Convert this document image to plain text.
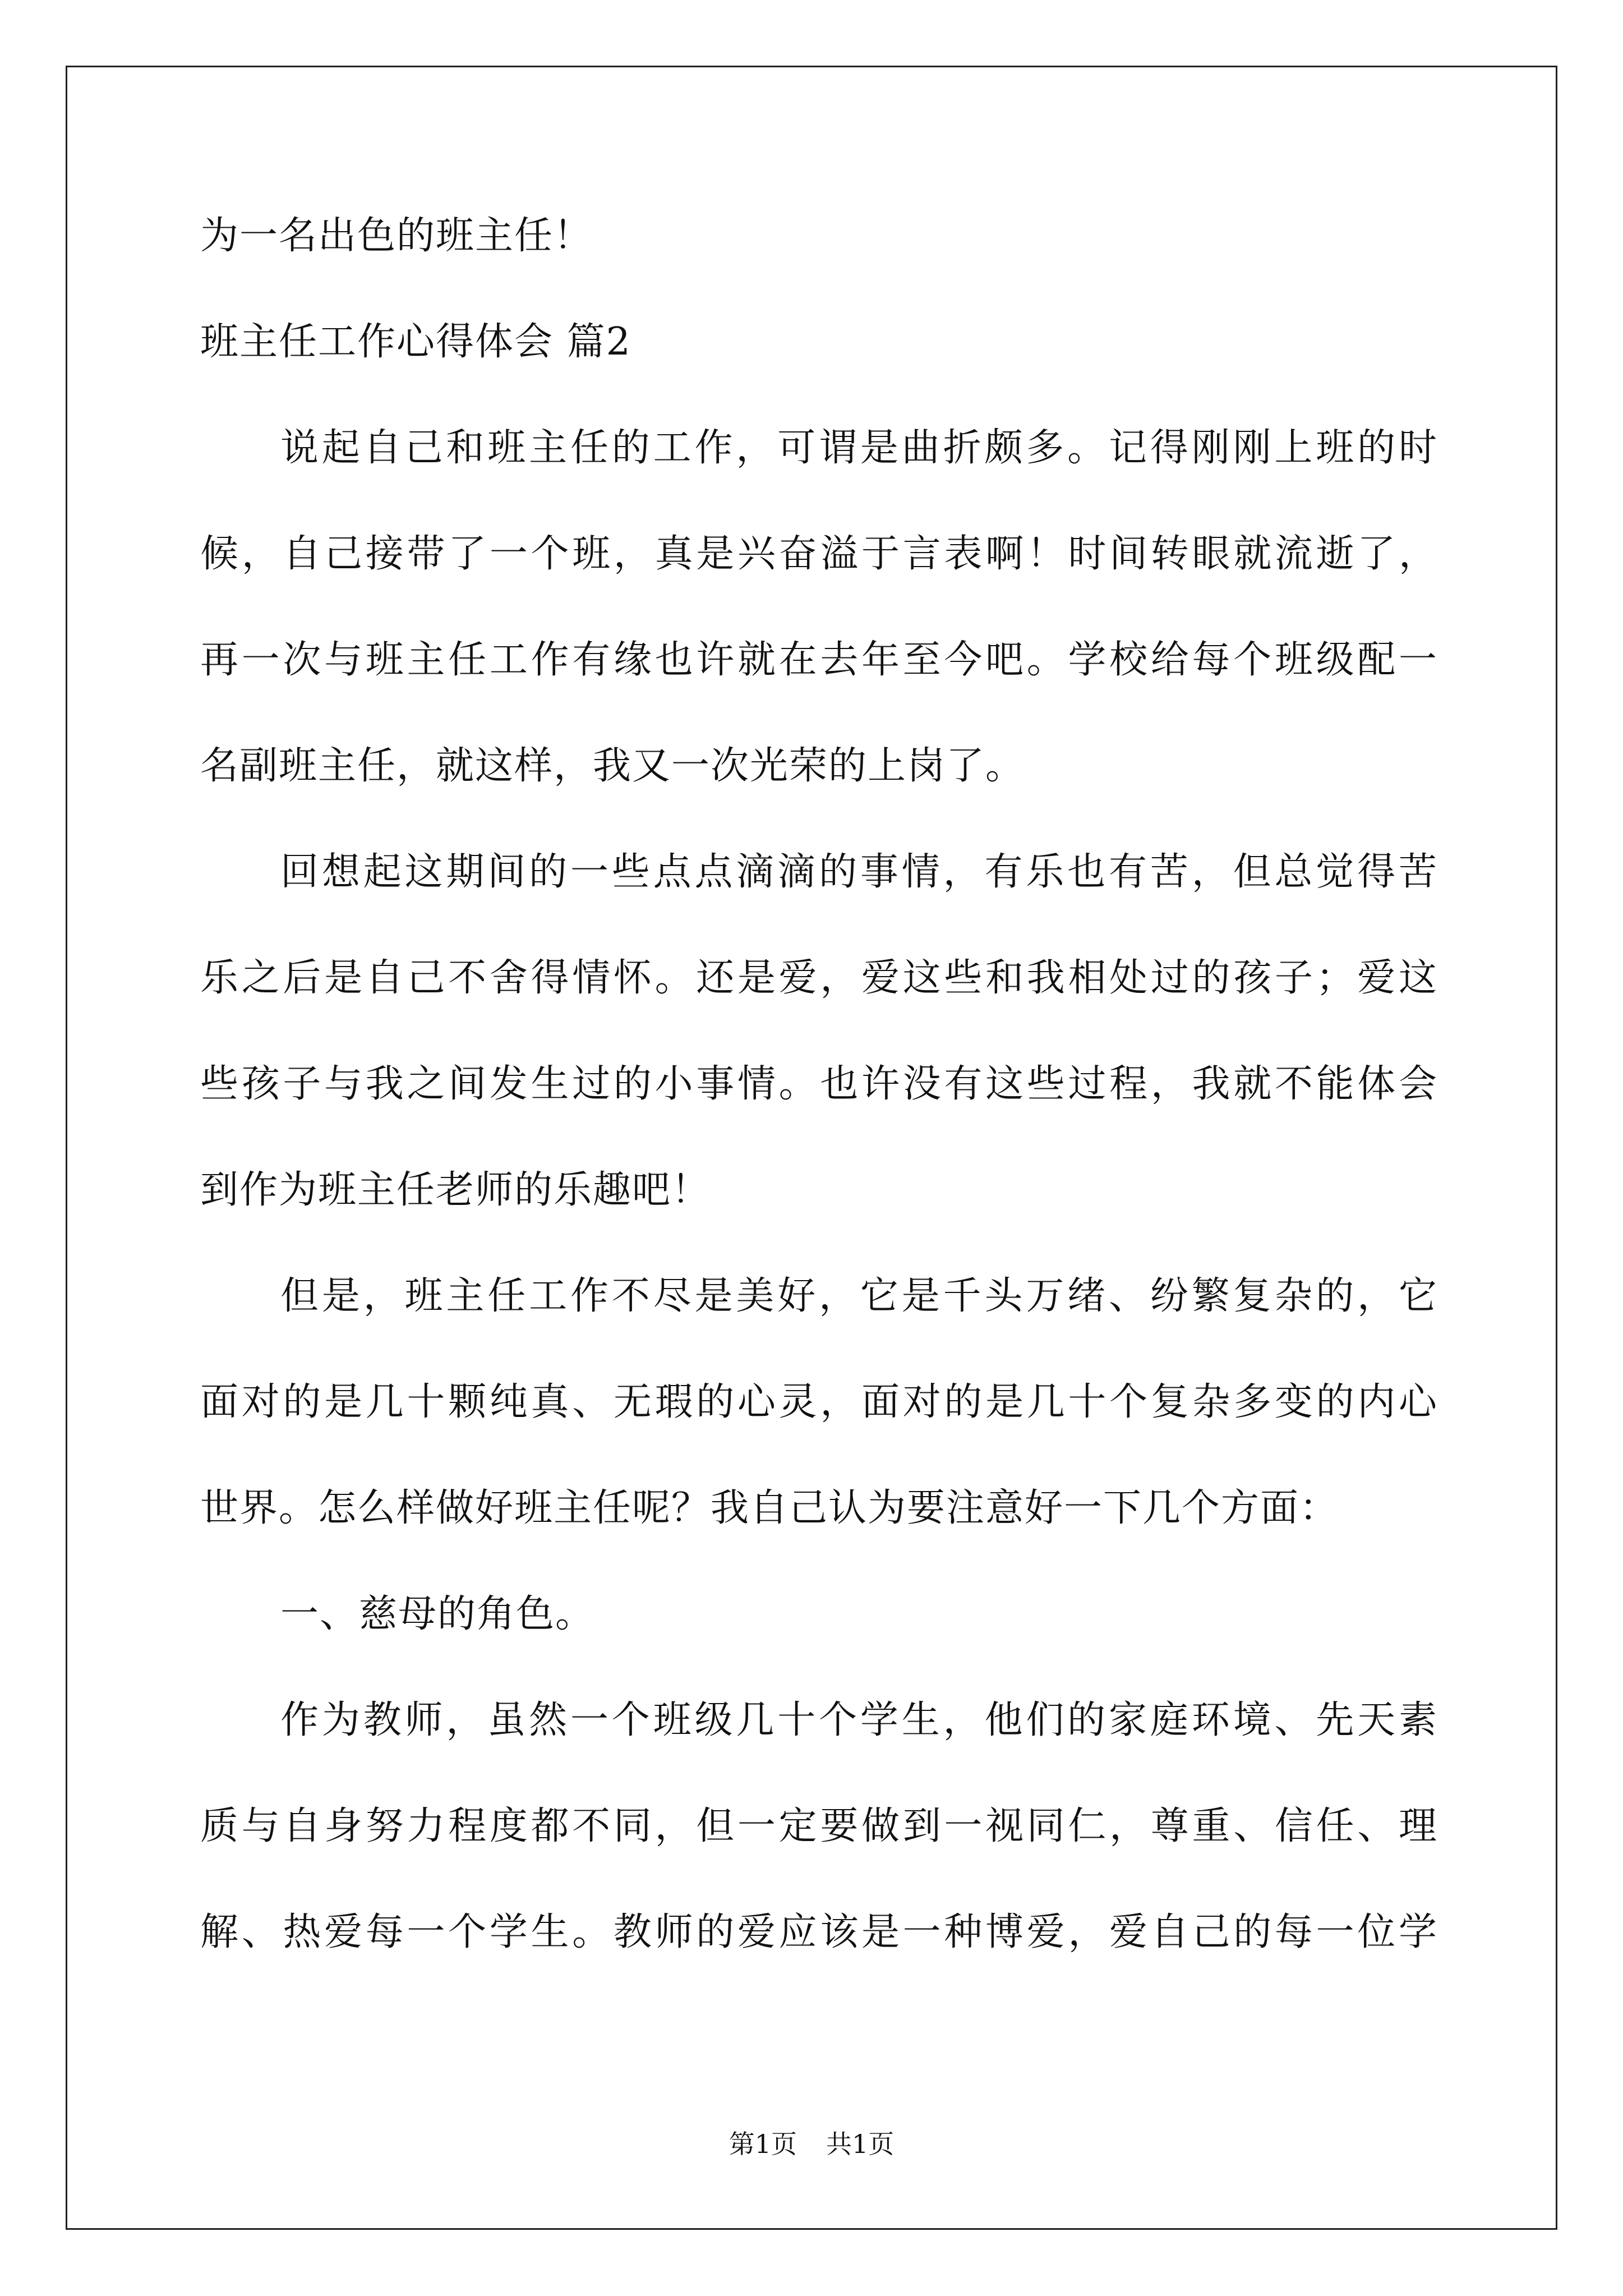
为一名出色的班主任！
班主任工作心得体会 篇2
说起自己和班主任的工作，可谓是曲折颇多。记得刚刚上班的时
候，自己接带了一个班，真是兴奋溢于言表啊！时间转眼就流逝了，
再一次与班主任工作有缘也许就在去年至今吧。学校给每个班级配一
名副班主任，就这样，我又一次光荣的上岗了。
回想起这期间的一些点点滴滴的事情，有乐也有苦，但总觉得苦
乐之后是自己不舍得情怀。还是爱，爱这些和我相处过的孩子；爱这
些孩子与我之间发生过的小事情。也许没有这些过程，我就不能体会
到作为班主任老师的乐趣吧！
但是，班主任工作不尽是美好，它是千头万绪、纷繁复杂的，它
面对的是几十颗纯真、无瑕的心灵，面对的是几十个复杂多变的内心
世界。怎么样做好班主任呢？我自己认为要注意好一下几个方面：
一、慈母的角色。
作为教师，虽然一个班级几十个学生，他们的家庭环境、先天素
质与自身努力程度都不同，但一定要做到一视同仁，尊重、信任、理
解、热爱每一个学生。教师的爱应该是一种博爱，爱自己的每一位学
第1页 共1页
